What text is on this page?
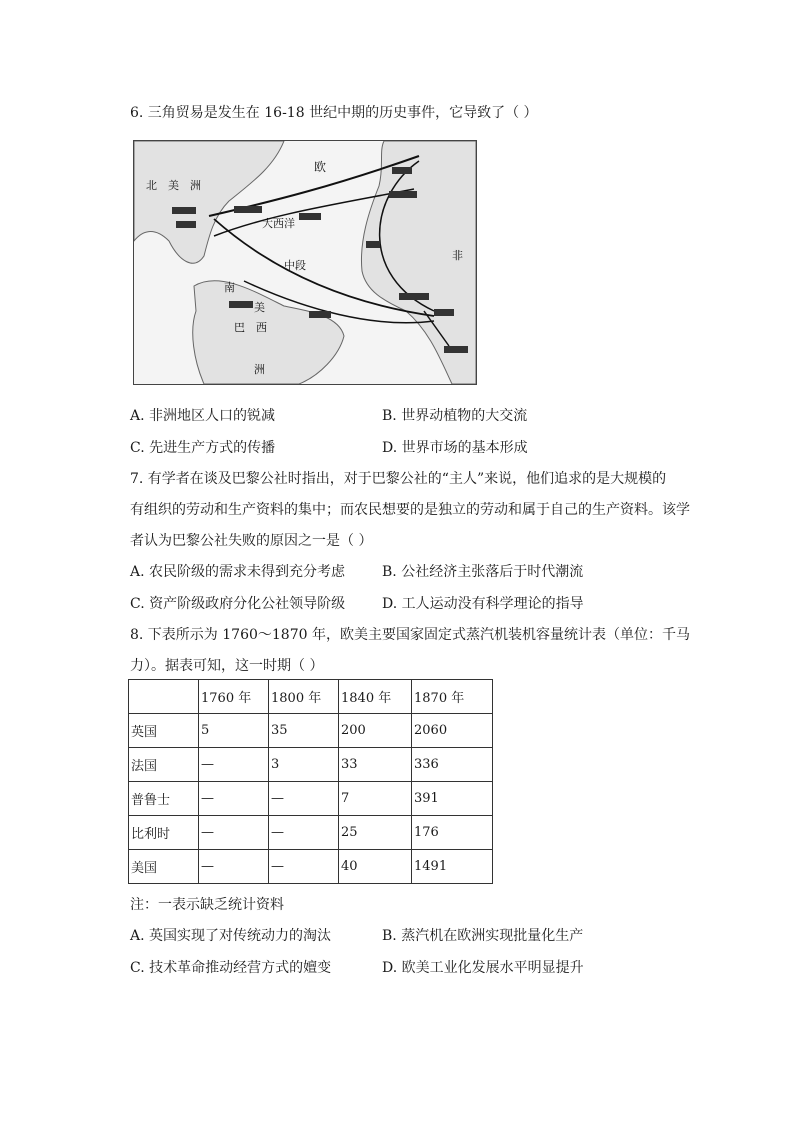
6. 三角贸易是发生在 16-18 世纪中期的历史事件，它导致了（ ）
北　美　洲
欧
大西洋
中段
非
南
美
巴　西
洲
A. 非洲地区人口的锐减	B. 世界动植物的大交流
C. 先进生产方式的传播	D. 世界市场的基本形成
7. 有学者在谈及巴黎公社时指出，对于巴黎公社的“主人”来说，他们追求的是大规模的
有组织的劳动和生产资料的集中；而农民想要的是独立的劳动和属于自己的生产资料。该学
者认为巴黎公社失败的原因之一是（ ）
A. 农民阶级的需求未得到充分考虑	B. 公社经济主张落后于时代潮流
C. 资产阶级政府分化公社领导阶级	D. 工人运动没有科学理论的指导
8. 下表所示为 1760～1870 年，欧美主要国家固定式蒸汽机装机容量统计表（单位：千马
力）。据表可知，这一时期（ ）
	1760 年	1800 年	1840 年	1870 年
英国	5	35	200	2060
法国	—	3	33	336
普鲁士	—	—	7	391
比利时	—	—	25	176
美国	—	—	40	1491
注：一表示缺乏统计资料
A. 英国实现了对传统动力的淘汰	B. 蒸汽机在欧洲实现批量化生产
C. 技术革命推动经营方式的嬗变	D. 欧美工业化发展水平明显提升
